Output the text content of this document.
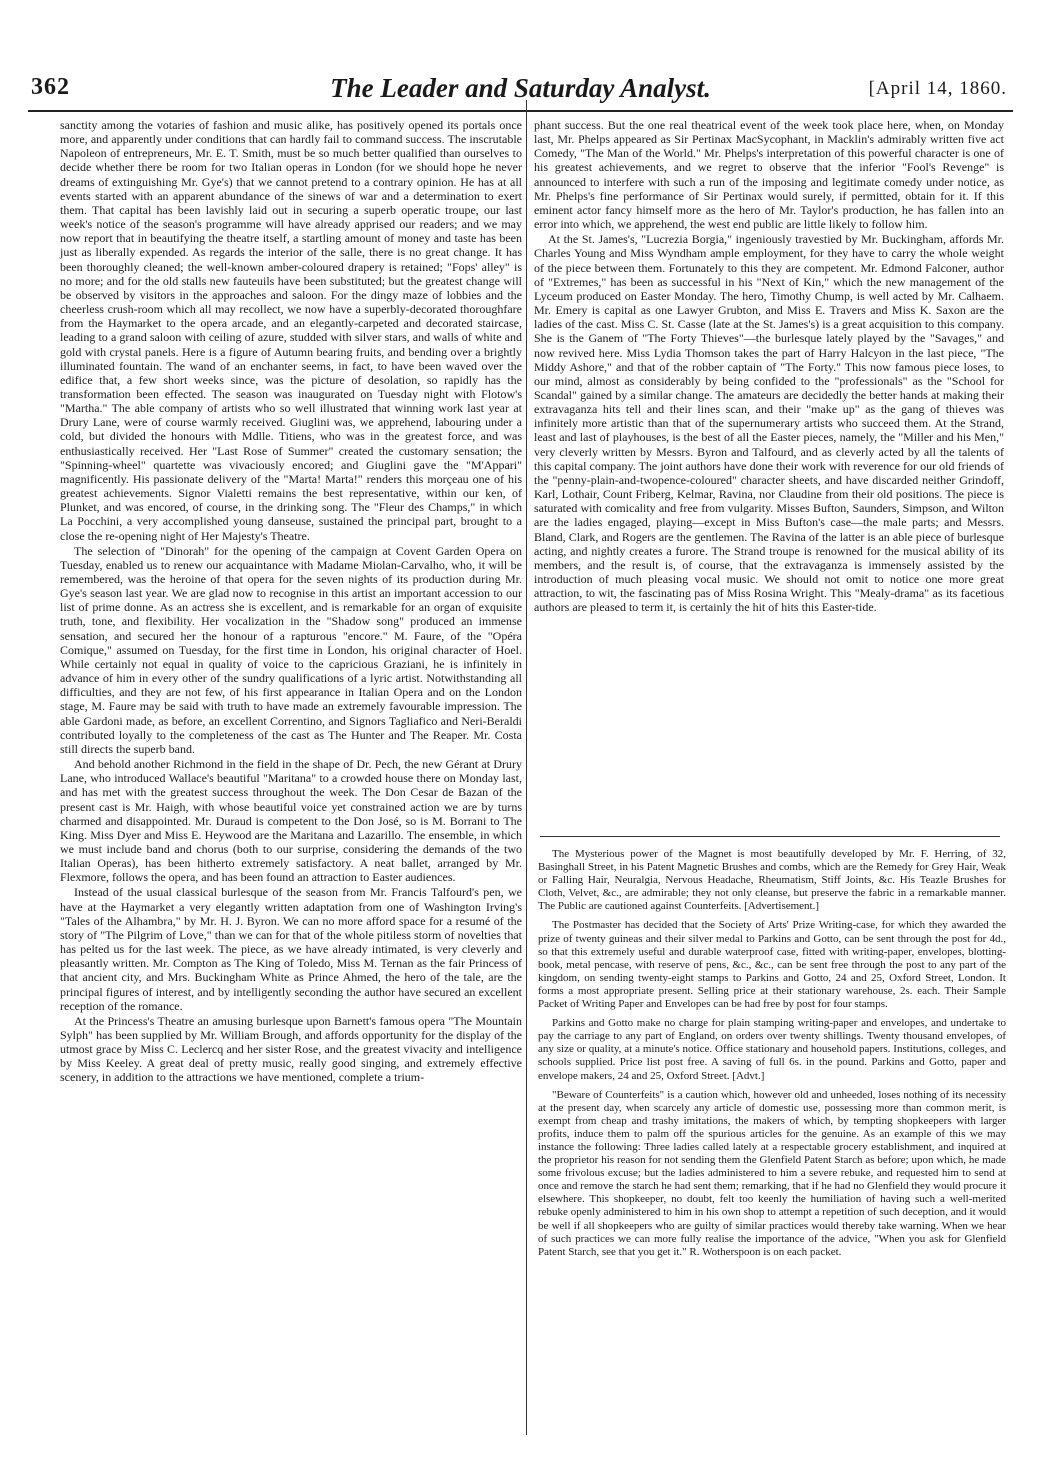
362	The Leader and Saturday Analyst.	[April 14, 1860.

sanctity among the votaries of fashion and music alike, has positively opened its portals once more, and apparently under conditions that can hardly fail to command success. The inscrutable Napoleon of entrepreneurs, Mr. E. T. Smith, must be so much better qualified than ourselves to decide whether there be room for two Italian operas in London (for we should hope he never dreams of extinguishing Mr. Gye's) that we cannot pretend to a contrary opinion. He has at all events started with an apparent abundance of the sinews of war and a determination to exert them. That capital has been lavishly laid out in securing a superb operatic troupe, our last week's notice of the season's programme will have already apprised our readers; and we may now report that in beautifying the theatre itself, a startling amount of money and taste has been just as liberally expended. As regards the interior of the salle, there is no great change. It has been thoroughly cleaned; the well-known amber-coloured drapery is retained; "Fops' alley" is no more; and for the old stalls new fauteuils have been substituted; but the greatest change will be observed by visitors in the approaches and saloon. For the dingy maze of lobbies and the cheerless crush-room which all may recollect, we now have a superbly-decorated thoroughfare from the Haymarket to the opera arcade, and an elegantly-carpeted and decorated staircase, leading to a grand saloon with ceiling of azure, studded with silver stars, and walls of white and gold with crystal panels. Here is a figure of Autumn bearing fruits, and bending over a brightly illuminated fountain. The wand of an enchanter seems, in fact, to have been waved over the edifice that, a few short weeks since, was the picture of desolation, so rapidly has the transformation been effected. The season was inaugurated on Tuesday night with Flotow's "Martha." The able company of artists who so well illustrated that winning work last year at Drury Lane, were of course warmly received. Giuglini was, we apprehend, labouring under a cold, but divided the honours with Mdlle. Titiens, who was in the greatest force, and was enthusiastically received. Her "Last Rose of Summer" created the customary sensation; the "Spinning-wheel" quartette was vivaciously encored; and Giuglini gave the "M'Appari" magnificently. His passionate delivery of the "Marta! Marta!" renders this morçeau one of his greatest achievements. Signor Vialetti remains the best representative, within our ken, of Plunket, and was encored, of course, in the drinking song. The "Fleur des Champs," in which La Pocchini, a very accomplished young danseuse, sustained the principal part, brought to a close the re-opening night of Her Majesty's Theatre.

The selection of "Dinorah" for the opening of the campaign at Covent Garden Opera on Tuesday, enabled us to renew our acquaintance with Madame Miolan-Carvalho, who, it will be remembered, was the heroine of that opera for the seven nights of its production during Mr. Gye's season last year. We are glad now to recognise in this artist an important accession to our list of prime donne. As an actress she is excellent, and is remarkable for an organ of exquisite truth, tone, and flexibility. Her vocalization in the "Shadow song" produced an immense sensation, and secured her the honour of a rapturous "encore." M. Faure, of the "Opéra Comique," assumed on Tuesday, for the first time in London, his original character of Hoel. While certainly not equal in quality of voice to the capricious Graziani, he is infinitely in advance of him in every other of the sundry qualifications of a lyric artist. Notwithstanding all difficulties, and they are not few, of his first appearance in Italian Opera and on the London stage, M. Faure may be said with truth to have made an extremely favourable impression. The able Gardoni made, as before, an excellent Correntino, and Signors Tagliafico and Neri-Beraldi contributed loyally to the completeness of the cast as The Hunter and The Reaper. Mr. Costa still directs the superb band.

And behold another Richmond in the field in the shape of Dr. Pech, the new Gérant at Drury Lane, who introduced Wallace's beautiful "Maritana" to a crowded house there on Monday last, and has met with the greatest success throughout the week. The Don Cesar de Bazan of the present cast is Mr. Haigh, with whose beautiful voice yet constrained action we are by turns charmed and disappointed. Mr. Duraud is competent to the Don José, so is M. Borrani to The King. Miss Dyer and Miss E. Heywood are the Maritana and Lazarillo. The ensemble, in which we must include band and chorus (both to our surprise, considering the demands of the two Italian Operas), has been hitherto extremely satisfactory. A neat ballet, arranged by Mr. Flexmore, follows the opera, and has been found an attraction to Easter audiences.

Instead of the usual classical burlesque of the season from Mr. Francis Talfourd's pen, we have at the Haymarket a very elegantly written adaptation from one of Washington Irving's "Tales of the Alhambra," by Mr. H. J. Byron. We can no more afford space for a resumé of the story of "The Pilgrim of Love," than we can for that of the whole pitiless storm of novelties that has pelted us for the last week. The piece, as we have already intimated, is very cleverly and pleasantly written. Mr. Compton as The King of Toledo, Miss M. Ternan as the fair Princess of that ancient city, and Mrs. Buckingham White as Prince Ahmed, the hero of the tale, are the principal figures of interest, and by intelligently seconding the author have secured an excellent reception of the romance.

At the Princess's Theatre an amusing burlesque upon Barnett's famous opera "The Mountain Sylph" has been supplied by Mr. William Brough, and affords opportunity for the display of the utmost grace by Miss C. Leclercq and her sister Rose, and the greatest vivacity and intelligence by Miss Keeley. A great deal of pretty music, really good singing, and extremely effective scenery, in addition to the attractions we have mentioned, complete a trium-

phant success. But the one real theatrical event of the week took place here, when, on Monday last, Mr. Phelps appeared as Sir Pertinax MacSycophant, in Macklin's admirably written five act Comedy, "The Man of the World." Mr. Phelps's interpretation of this powerful character is one of his greatest achievements, and we regret to observe that the inferior "Fool's Revenge" is announced to interfere with such a run of the imposing and legitimate comedy under notice, as Mr. Phelps's fine performance of Sir Pertinax would surely, if permitted, obtain for it. If this eminent actor fancy himself more as the hero of Mr. Taylor's production, he has fallen into an error into which, we apprehend, the west end public are little likely to follow him.

At the St. James's, "Lucrezia Borgia," ingeniously travestied by Mr. Buckingham, affords Mr. Charles Young and Miss Wyndham ample employment, for they have to carry the whole weight of the piece between them. Fortunately to this they are competent. Mr. Edmond Falconer, author of "Extremes," has been as successful in his "Next of Kin," which the new management of the Lyceum produced on Easter Monday. The hero, Timothy Chump, is well acted by Mr. Calhaem. Mr. Emery is capital as one Lawyer Grubton, and Miss E. Travers and Miss K. Saxon are the ladies of the cast. Miss C. St. Casse (late at the St. James's) is a great acquisition to this company. She is the Ganem of "The Forty Thieves"—the burlesque lately played by the "Savages," and now revived here. Miss Lydia Thomson takes the part of Harry Halcyon in the last piece, "The Middy Ashore," and that of the robber captain of "The Forty." This now famous piece loses, to our mind, almost as considerably by being confided to the "professionals" as the "School for Scandal" gained by a similar change. The amateurs are decidedly the better hands at making their extravaganza hits tell and their lines scan, and their "make up" as the gang of thieves was infinitely more artistic than that of the supernumerary artists who succeed them. At the Strand, least and last of playhouses, is the best of all the Easter pieces, namely, the "Miller and his Men," very cleverly written by Messrs. Byron and Talfourd, and as cleverly acted by all the talents of this capital company. The joint authors have done their work with reverence for our old friends of the "penny-plain-and-twopence-coloured" character sheets, and have discarded neither Grindoff, Karl, Lothair, Count Friberg, Kelmar, Ravina, nor Claudine from their old positions. The piece is saturated with comicality and free from vulgarity. Misses Bufton, Saunders, Simpson, and Wilton are the ladies engaged, playing—except in Miss Bufton's case—the male parts; and Messrs. Bland, Clark, and Rogers are the gentlemen. The Ravina of the latter is an able piece of burlesque acting, and nightly creates a furore. The Strand troupe is renowned for the musical ability of its members, and the result is, of course, that the extravaganza is immensely assisted by the introduction of much pleasing vocal music. We should not omit to notice one more great attraction, to wit, the fascinating pas of Miss Rosina Wright. This "Mealy-drama" as its facetious authors are pleased to term it, is certainly the hit of hits this Easter-tide.

The Mysterious power of the Magnet is most beautifully developed by Mr. F. Herring, of 32, Basinghall Street, in his Patent Magnetic Brushes and combs, which are the Remedy for Grey Hair, Weak or Falling Hair, Neuralgia, Nervous Headache, Rheumatism, Stiff Joints, &c. His Teazle Brushes for Cloth, Velvet, &c., are admirable; they not only cleanse, but preserve the fabric in a remarkable manner. The Public are cautioned against Counterfeits. [Advertisement.]

The Postmaster has decided that the Society of Arts' Prize Writing-case, for which they awarded the prize of twenty guineas and their silver medal to Parkins and Gotto, can be sent through the post for 4d., so that this extremely useful and durable waterproof case, fitted with writing-paper, envelopes, blotting-book, metal pencase, with reserve of pens, &c., &c., can be sent free through the post to any part of the kingdom, on sending twenty-eight stamps to Parkins and Gotto, 24 and 25, Oxford Street, London. It forms a most appropriate present. Selling price at their stationary warehouse, 2s. each. Their Sample Packet of Writing Paper and Envelopes can be had free by post for four stamps.

Parkins and Gotto make no charge for plain stamping writing-paper and envelopes, and undertake to pay the carriage to any part of England, on orders over twenty shillings. Twenty thousand envelopes, of any size or quality, at a minute's notice. Office stationary and household papers. Institutions, colleges, and schools supplied. Price list post free. A saving of full 6s. in the pound. Parkins and Gotto, paper and envelope makers, 24 and 25, Oxford Street. [Advt.]

"Beware of Counterfeits" is a caution which, however old and unheeded, loses nothing of its necessity at the present day, when scarcely any article of domestic use, possessing more than common merit, is exempt from cheap and trashy imitations, the makers of which, by tempting shopkeepers with larger profits, induce them to palm off the spurious articles for the genuine. As an example of this we may instance the following: Three ladies called lately at a respectable grocery establishment, and inquired at the proprietor his reason for not sending them the Glenfield Patent Starch as before; upon which, he made some frivolous excuse; but the ladies administered to him a severe rebuke, and requested him to send at once and remove the starch he had sent them; remarking, that if he had no Glenfield they would procure it elsewhere. This shopkeeper, no doubt, felt too keenly the humiliation of having such a well-merited rebuke openly administered to him in his own shop to attempt a repetition of such deception, and it would be well if all shopkeepers who are guilty of similar practices would thereby take warning. When we hear of such practices we can more fully realise the importance of the advice, "When you ask for Glenfield Patent Starch, see that you get it." R. Wotherspoon is on each packet.
